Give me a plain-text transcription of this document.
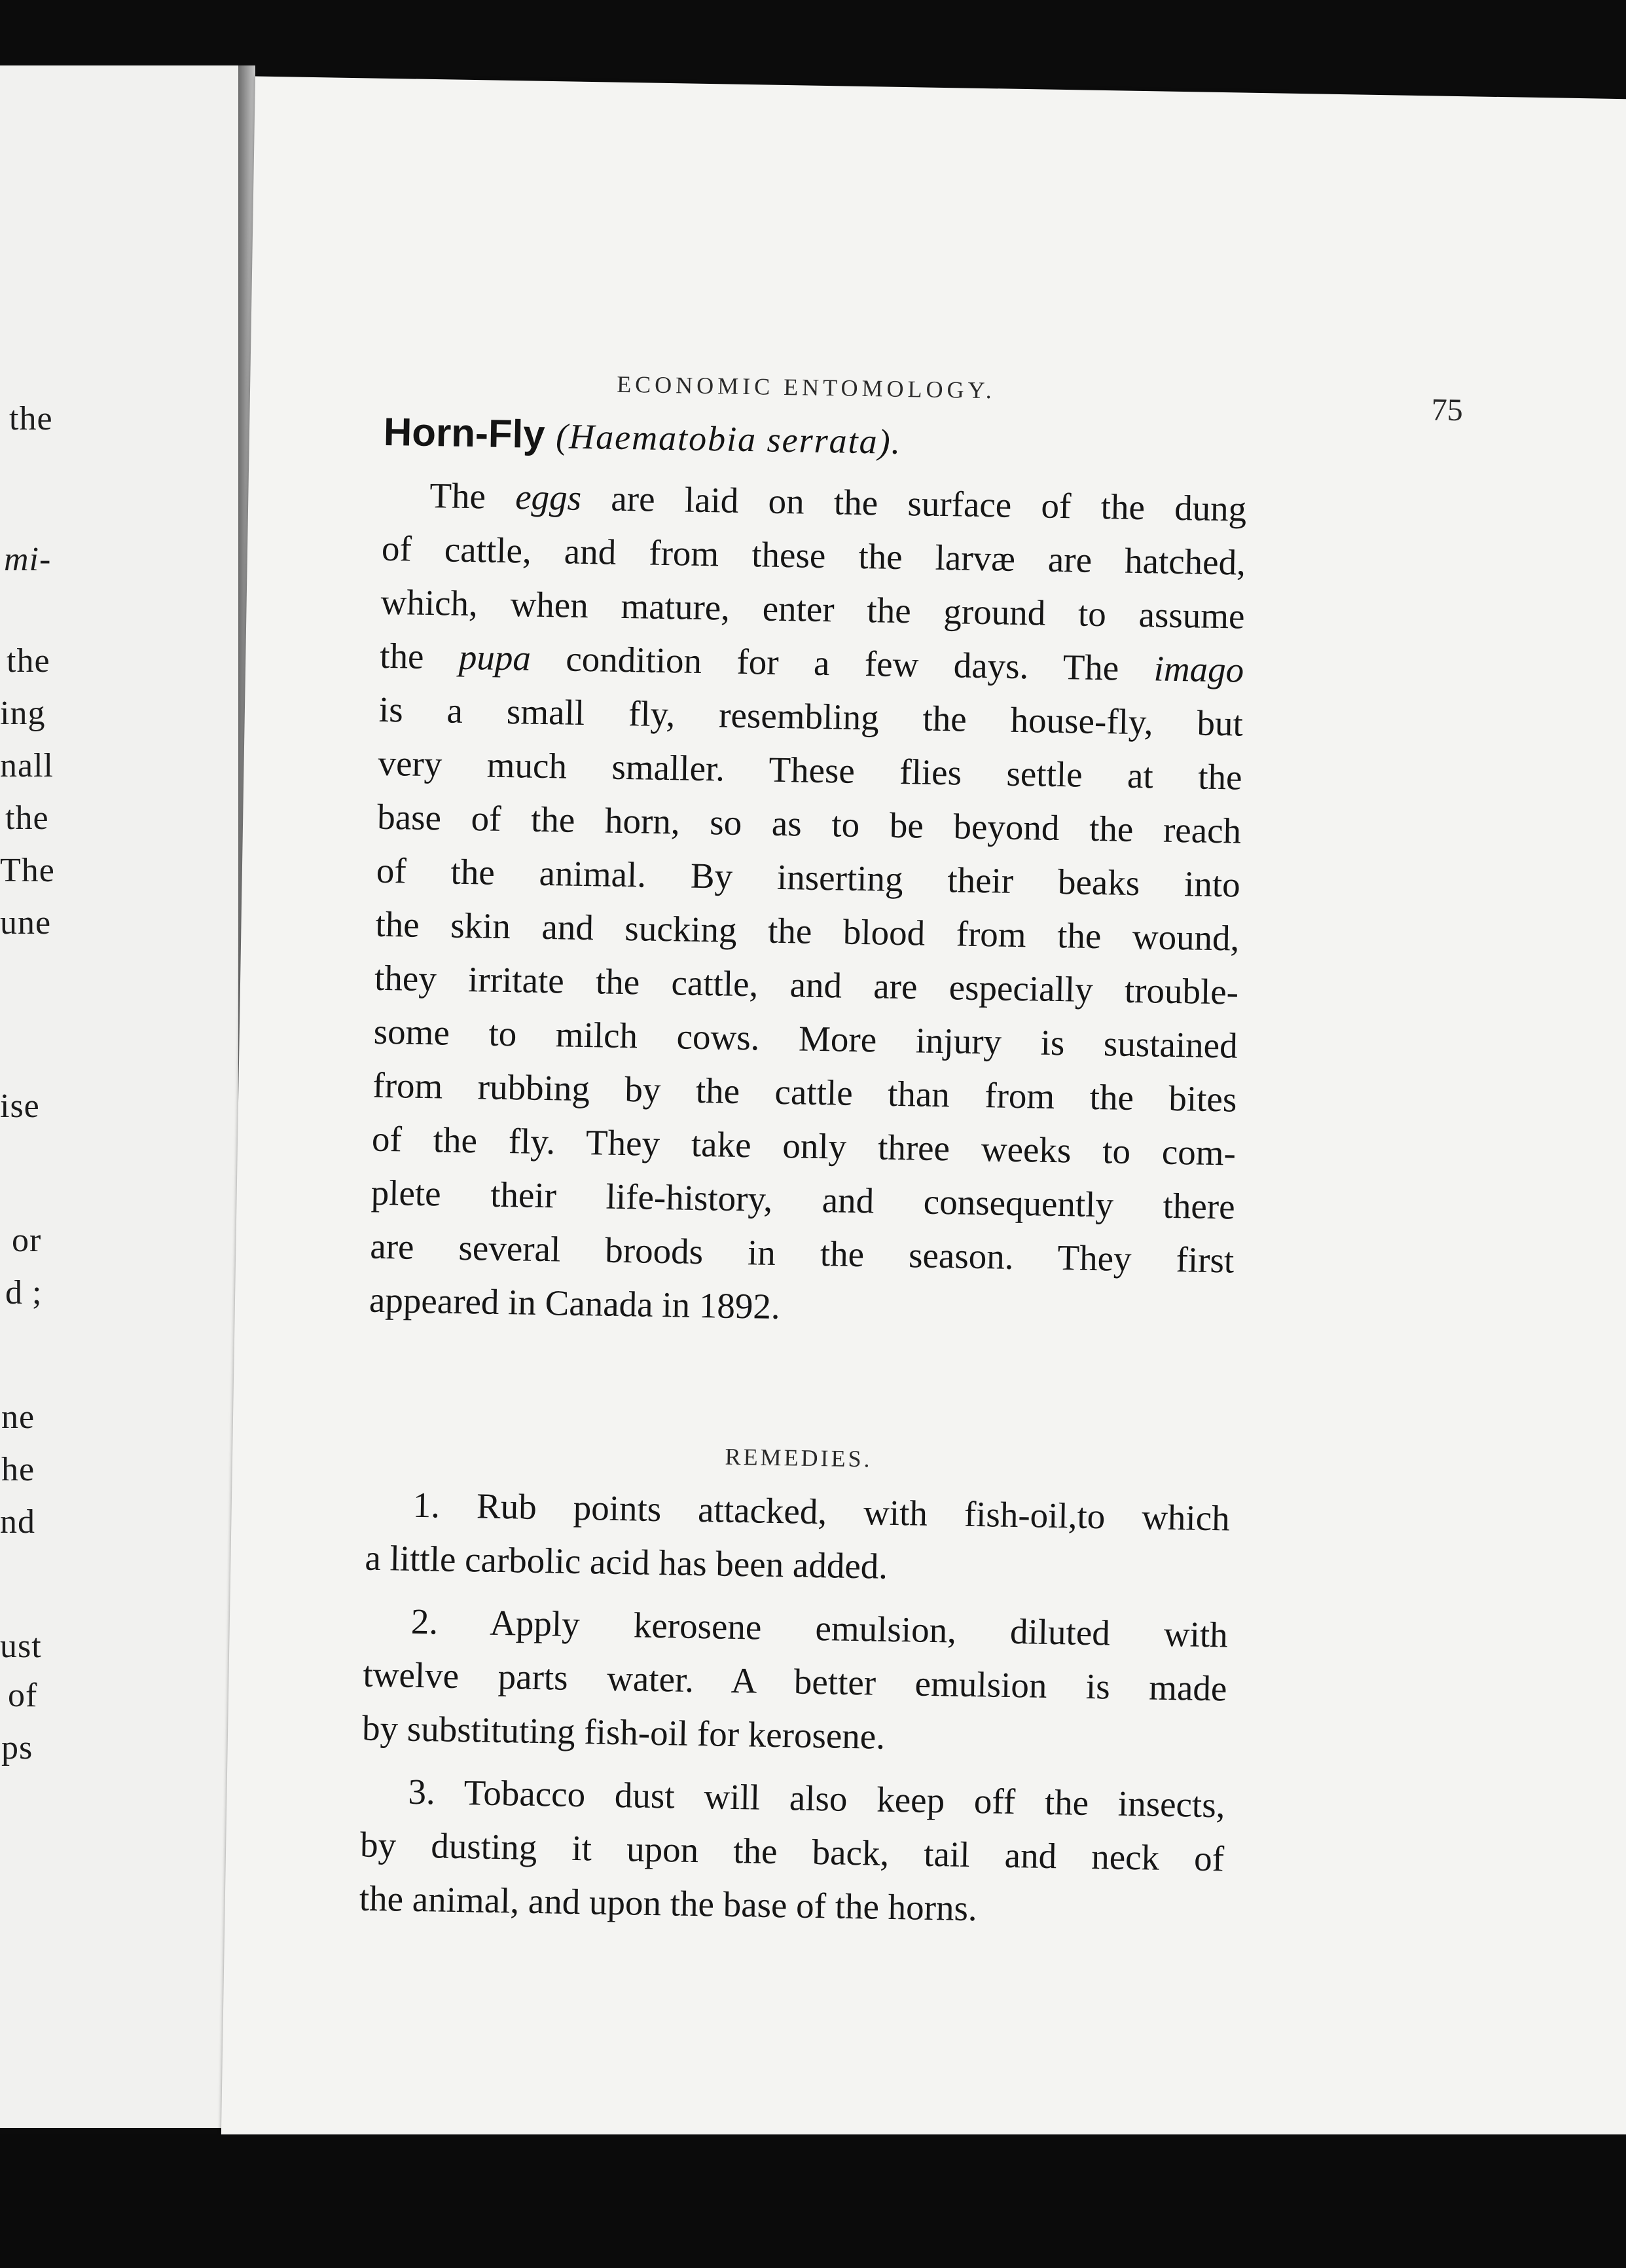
the
mi-
the
ing
nall
the
The
une
ise
or
d ;
ne
he
nd
ust
of
ps
ECONOMIC ENTOMOLOGY.
75
Horn-Fly (Haematobia serrata).
The eggs are laid on the surface of the dung
of cattle, and from these the larvæ are hatched,
which, when mature, enter the ground to assume
the pupa condition for a few days. The imago
is a small fly, resembling the house-fly, but
very much smaller. These flies settle at the
base of the horn, so as to be beyond the reach
of the animal. By inserting their beaks into
the skin and sucking the blood from the wound,
they irritate the cattle, and are especially trouble-
some to milch cows. More injury is sustained
from rubbing by the cattle than from the bites
of the fly. They take only three weeks to com-
plete their life-history, and consequently there
are several broods in the season. They first
appeared in Canada in 1892.
REMEDIES.
1. Rub points attacked, with fish-oil,to which
a little carbolic acid has been added.
2. Apply kerosene emulsion, diluted with
twelve parts water. A better emulsion is made
by substituting fish-oil for kerosene.
3. Tobacco dust will also keep off the insects,
by dusting it upon the back, tail and neck of
the animal, and upon the base of the horns.
